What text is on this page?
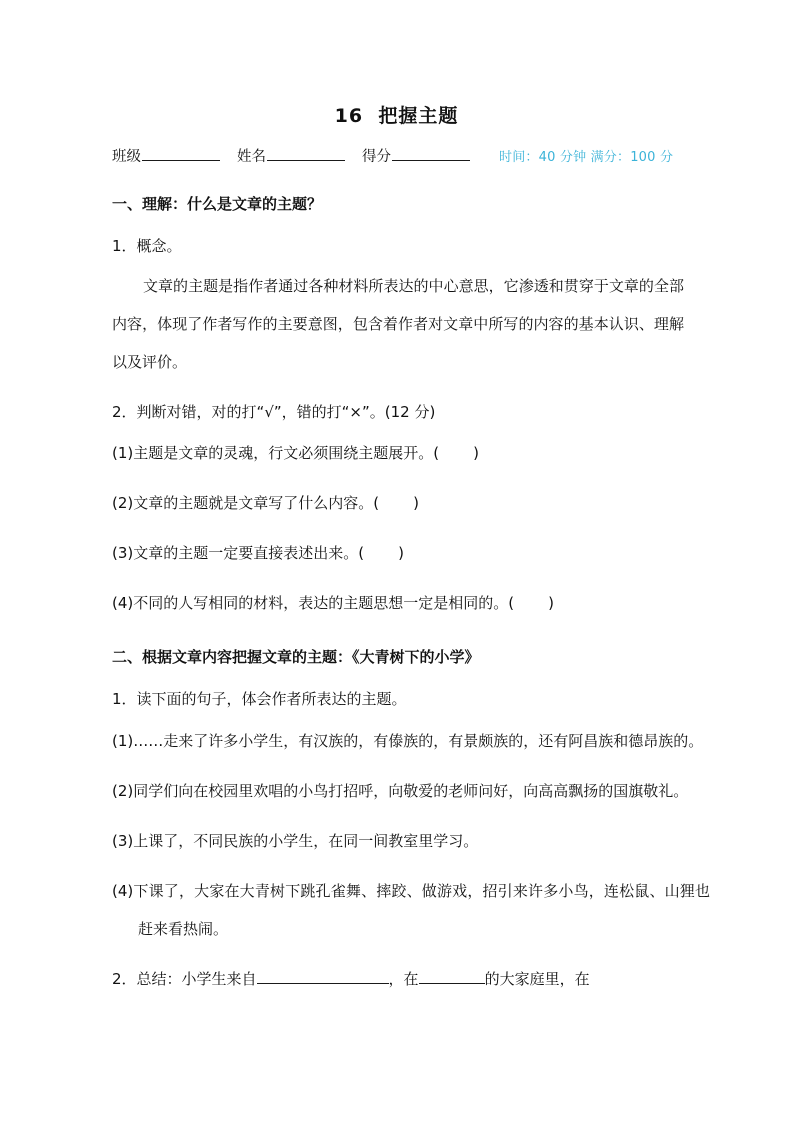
16  把握主题
班级	姓名	得分	时间：40 分钟 满分：100 分
一、理解：什么是文章的主题？
1．概念。
文章的主题是指作者通过各种材料所表达的中心意思，它渗透和贯穿于文章的全部内容，体现了作者写作的主要意图，包含着作者对文章中所写的内容的基本认识、理解以及评价。
2．判断对错，对的打“√”，错的打“×”。(12 分)
(1)主题是文章的灵魂，行文必须围绕主题展开。( )
(2)文章的主题就是文章写了什么内容。( )
(3)文章的主题一定要直接表述出来。( )
(4)不同的人写相同的材料，表达的主题思想一定是相同的。( )
二、根据文章内容把握文章的主题：《大青树下的小学》
1．读下面的句子，体会作者所表达的主题。
(1)……走来了许多小学生，有汉族的，有傣族的，有景颇族的，还有阿昌族和德昂族的。
(2)同学们向在校园里欢唱的小鸟打招呼，向敬爱的老师问好，向高高飘扬的国旗敬礼。
(3)上课了，不同民族的小学生，在同一间教室里学习。
(4)下课了，大家在大青树下跳孔雀舞、摔跤、做游戏，招引来许多小鸟，连松鼠、山狸也赶来看热闹。
2．总结：小学生来自	，在	的大家庭里，在
